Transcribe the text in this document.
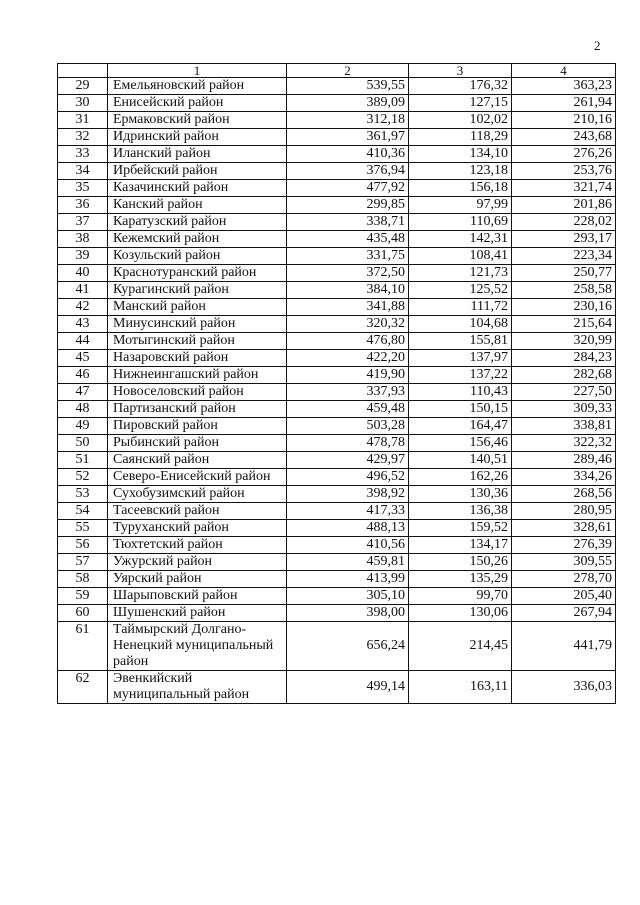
2
	1	2	3	4
29	Емельяновский район	539,55	176,32	363,23
30	Енисейский район	389,09	127,15	261,94
31	Ермаковский район	312,18	102,02	210,16
32	Идринский район	361,97	118,29	243,68
33	Иланский район	410,36	134,10	276,26
34	Ирбейский район	376,94	123,18	253,76
35	Казачинский район	477,92	156,18	321,74
36	Канский район	299,85	97,99	201,86
37	Каратузский район	338,71	110,69	228,02
38	Кежемский район	435,48	142,31	293,17
39	Козульский район	331,75	108,41	223,34
40	Краснотуранский район	372,50	121,73	250,77
41	Курагинский район	384,10	125,52	258,58
42	Манский район	341,88	111,72	230,16
43	Минусинский район	320,32	104,68	215,64
44	Мотыгинский район	476,80	155,81	320,99
45	Назаровский район	422,20	137,97	284,23
46	Нижнеингашский район	419,90	137,22	282,68
47	Новоселовский район	337,93	110,43	227,50
48	Партизанский район	459,48	150,15	309,33
49	Пировский район	503,28	164,47	338,81
50	Рыбинский район	478,78	156,46	322,32
51	Саянский район	429,97	140,51	289,46
52	Северо-Енисейский район	496,52	162,26	334,26
53	Сухобузимский район	398,92	130,36	268,56
54	Тасеевский район	417,33	136,38	280,95
55	Туруханский район	488,13	159,52	328,61
56	Тюхтетский район	410,56	134,17	276,39
57	Ужурский район	459,81	150,26	309,55
58	Уярский район	413,99	135,29	278,70
59	Шарыповский район	305,10	99,70	205,40
60	Шушенский район	398,00	130,06	267,94
61	Таймырский Долгано-Ненецкий муниципальный район	656,24	214,45	441,79
62	Эвенкийский муниципальный район	499,14	163,11	336,03
